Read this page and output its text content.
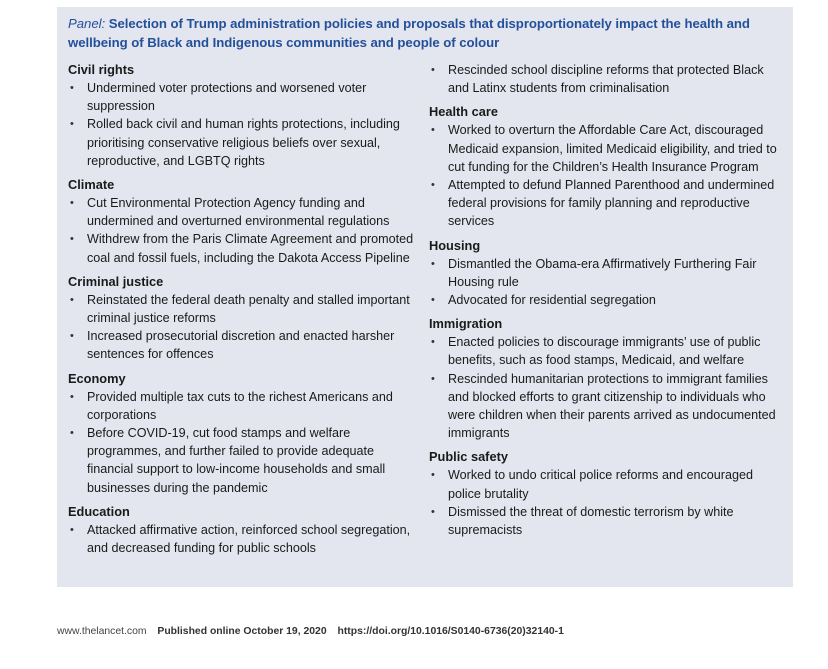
Panel: Selection of Trump administration policies and proposals that disproportionately impact the health and wellbeing of Black and Indigenous communities and people of colour

Civil rights

• Undermined voter protections and worsened voter suppression
• Rolled back civil and human rights protections, including prioritising conservative religious beliefs over sexual, reproductive, and LGBTQ rights

Climate

• Cut Environmental Protection Agency funding and undermined and overturned environmental regulations
• Withdrew from the Paris Climate Agreement and promoted coal and fossil fuels, including the Dakota Access Pipeline

Criminal justice

• Reinstated the federal death penalty and stalled important criminal justice reforms
• Increased prosecutorial discretion and enacted harsher sentences for offences

Economy

• Provided multiple tax cuts to the richest Americans and corporations
• Before COVID-19, cut food stamps and welfare programmes, and further failed to provide adequate financial support to low-income households and small businesses during the pandemic

Education

• Attacked affirmative action, reinforced school segregation, and decreased funding for public schools
• Rescinded school discipline reforms that protected Black and Latinx students from criminalisation

Health care

• Worked to overturn the Affordable Care Act, discouraged Medicaid expansion, limited Medicaid eligibility, and tried to cut funding for the Children’s Health Insurance Program
• Attempted to defund Planned Parenthood and undermined federal provisions for family planning and reproductive services

Housing

• Dismantled the Obama-era Affirmatively Furthering Fair Housing rule
• Advocated for residential segregation

Immigration

• Enacted policies to discourage immigrants’ use of public benefits, such as food stamps, Medicaid, and welfare
• Rescinded humanitarian protections to immigrant families and blocked efforts to grant citizenship to individuals who were children when their parents arrived as undocumented immigrants

Public safety

• Worked to undo critical police reforms and encouraged police brutality
• Dismissed the threat of domestic terrorism by white supremacists
www.thelancet.com Published online October 19, 2020 https://doi.org/10.1016/S0140-6736(20)32140-1
